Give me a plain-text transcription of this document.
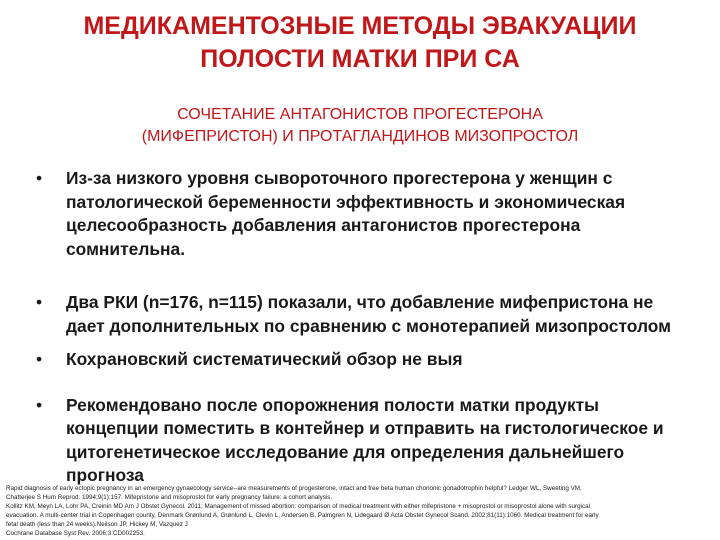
МЕДИКАМЕНТОЗНЫЕ МЕТОДЫ ЭВАКУАЦИИ
ПОЛОСТИ МАТКИ ПРИ СА
СОЧЕТАНИЕ АНТАГОНИСТОВ ПРОГЕСТЕРОНА
(МИФЕПРИСТОН) И ПРОТАГЛАНДИНОВ МИЗОПРОСТОЛ
• Из-за низкого уровня сывороточного прогестерона у женщин с патологической беременности эффективность и экономическая целесообразность добавления антагонистов прогестерона сомнительна.
• Два РКИ (n=176, n=115) показали, что добавление мифепристона не дает дополнительных по сравнению с монотерапией мизопростолом
• Кохрановский систематический обзор не выя
• Рекомендовано после опорожнения полости матки продукты концепции поместить в контейнер и отправить на гистологическое и цитогенетическое исследование для определения дальнейшего прогноза
Rapid diagnosis of early ectopic pregnancy in an emergency gynaecology service--are measurements of progesterone, intact and free beta human chorionic gonadotrophin helpful? Ledger WL, Sweeting VM,
Chatterjee S Hum Reprod. 1994;9(1):157. Mifepristone and misoprostol for early pregnancy failure: a cohort analysis.
Kollitz KM, Meyn LA, Lohr PA, Creinin MD Am J Obstet Gynecol. 2011; Management of missed abortion: comparison of medical treatment with either mifepristone + misoprostol or misoprostol alone with surgical
evacuation. A multi-center trial in Copenhagen county, Denmark Grønlund A, Grønlund L, Clevin L, Andersen B, Palmgren N, Lidegaard Ø Acta Obstet Gynecol Scand. 2002;81(11):1060. Medical treatment for early
fetal death (less than 24 weeks).Neilson JP, Hickey M, Vazquez J
Cochrane Database Syst Rev. 2006;3:CD002253.
